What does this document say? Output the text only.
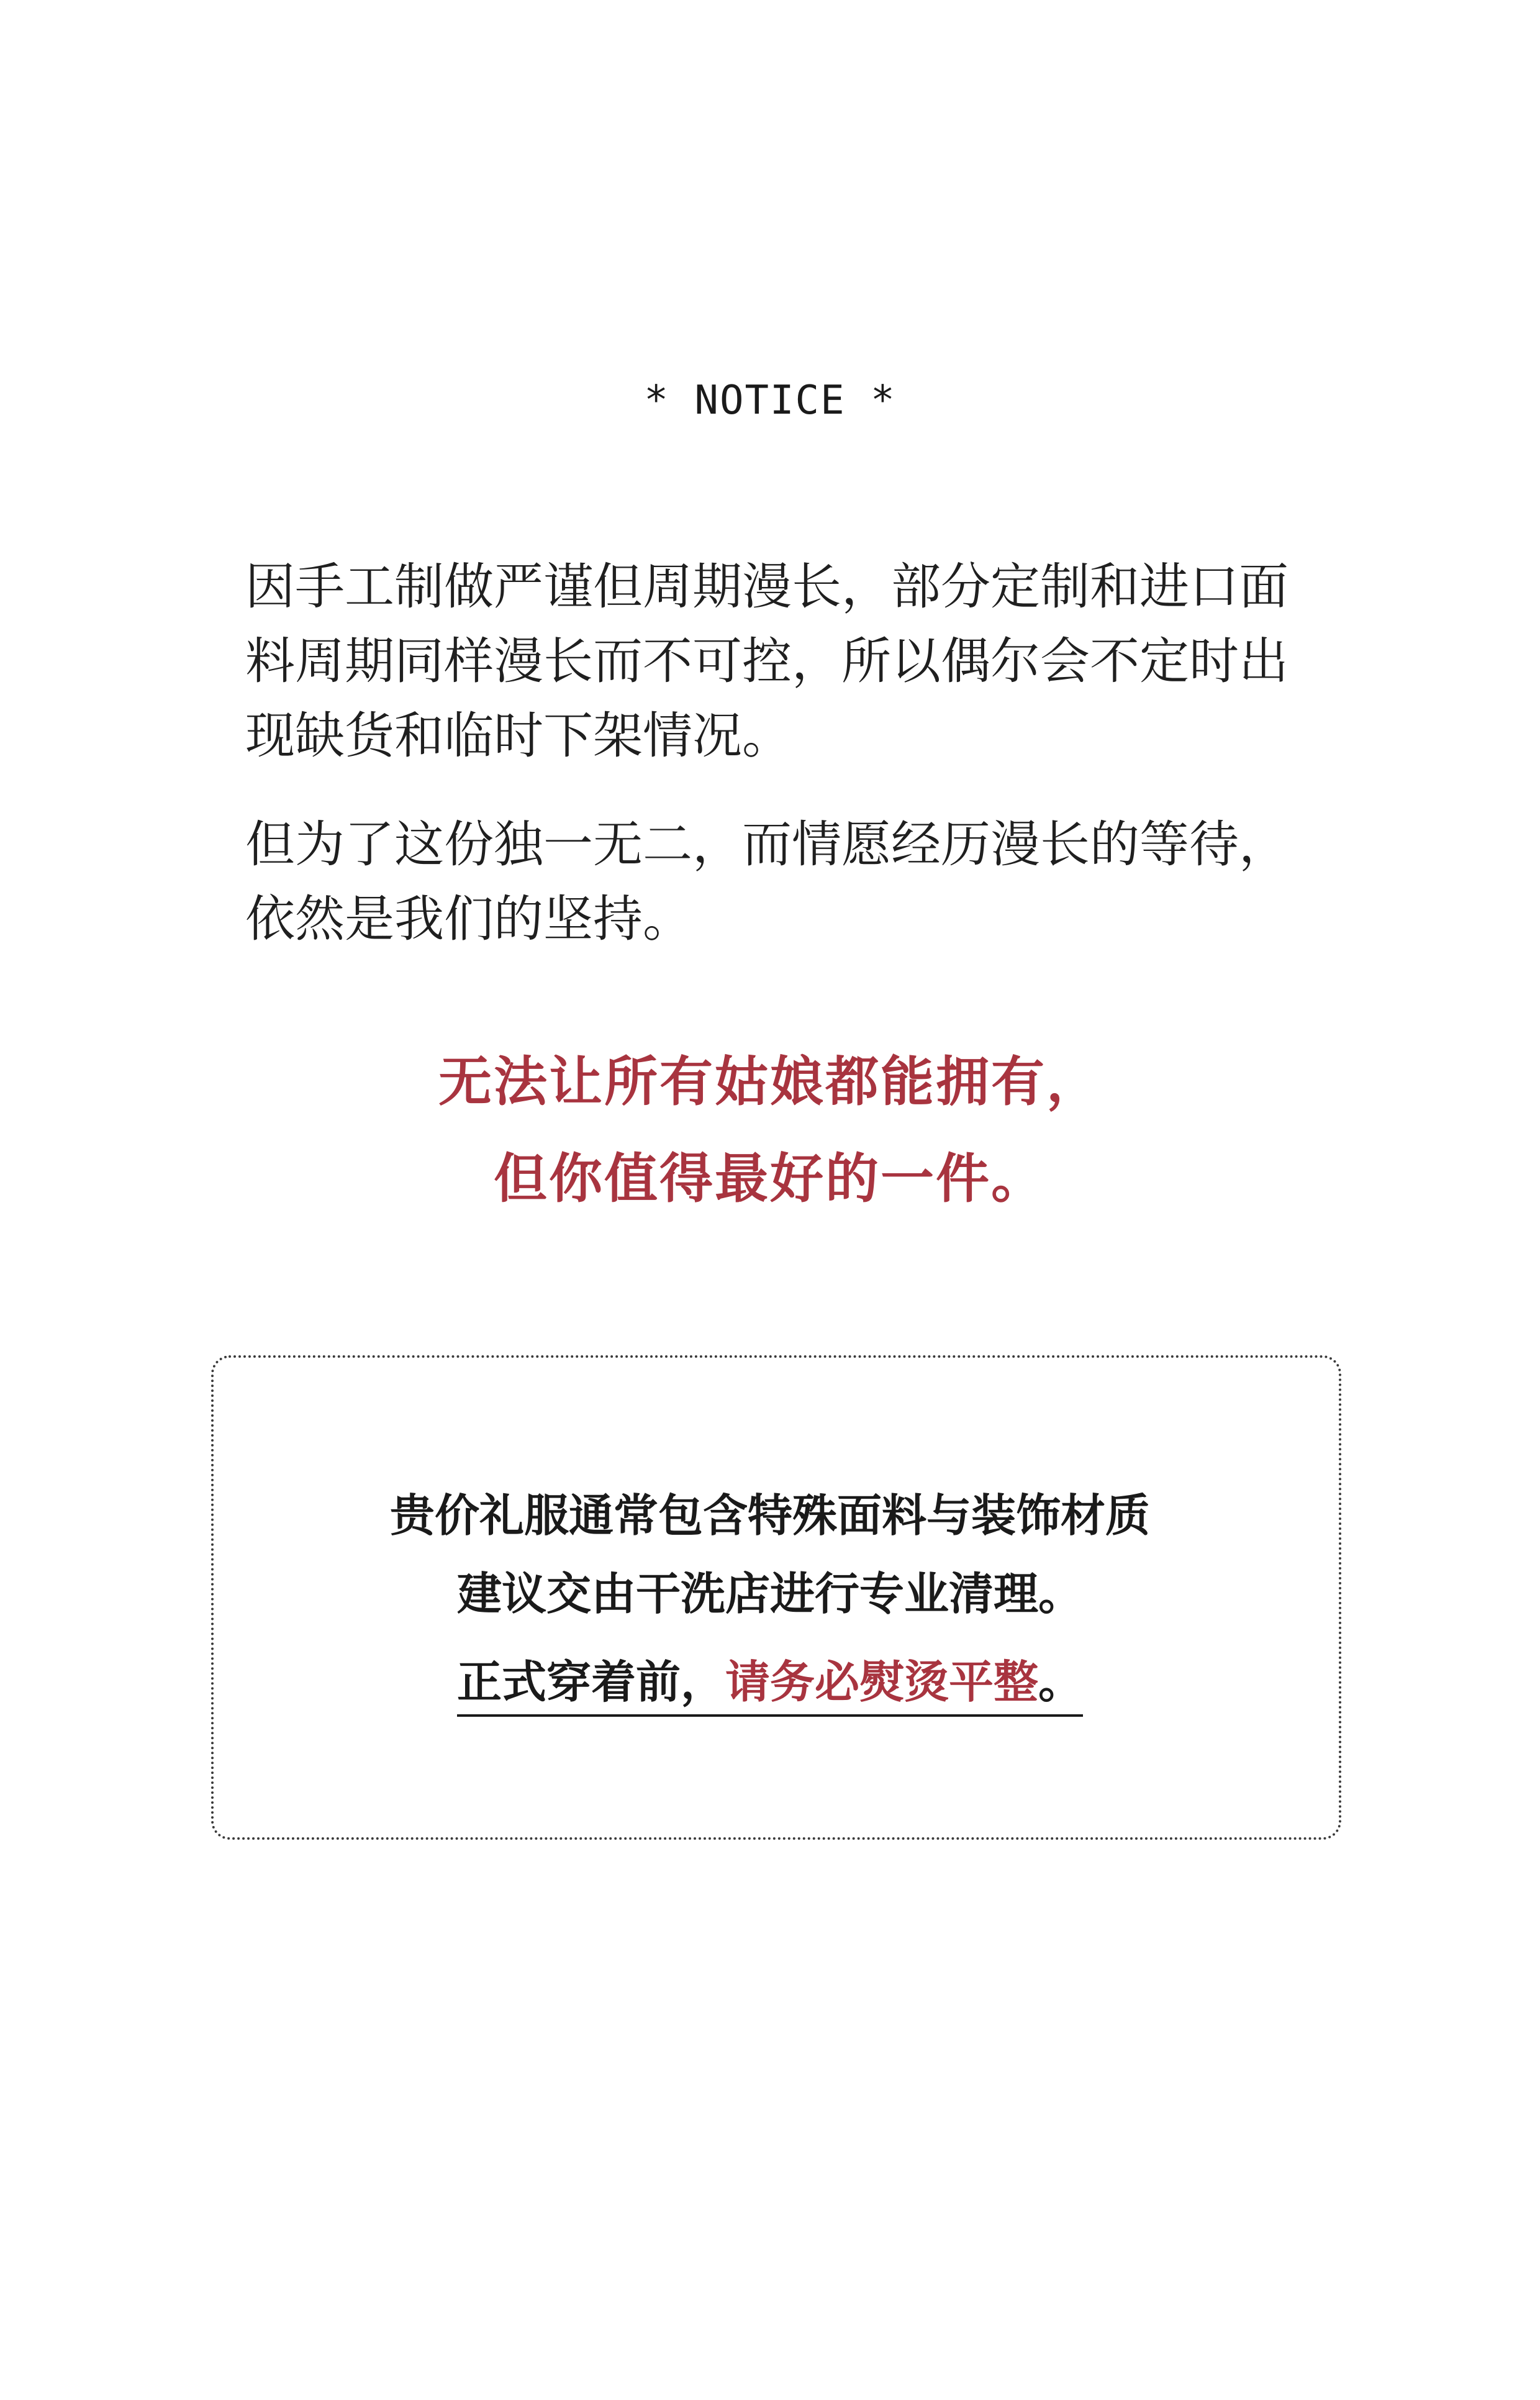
* NOTICE *

因手工制做严谨但周期漫长，部分定制和进口面

料周期同样漫长而不可控，所以偶尔会不定时出

现缺货和临时下架情况。

但为了这份独一无二，而情愿经历漫长的等待，

依然是我们的坚持。

无法让所有姑娘都能拥有，
但你值得最好的一件。
贵价礼服通常包含特殊面料与装饰材质
建议交由干洗店进行专业清理。
正式穿着前，请务必熨烫平整。
